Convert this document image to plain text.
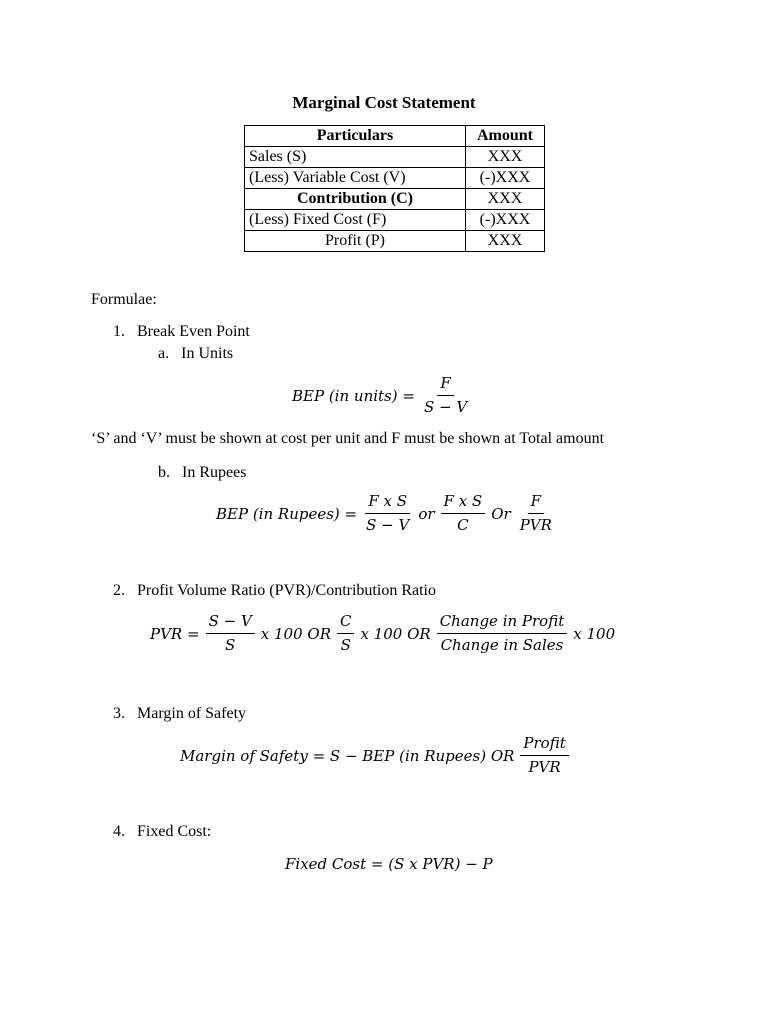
Marginal Cost Statement
Particulars	Amount
Sales (S)	XXX
(Less) Variable Cost (V)	(-)XXX
Contribution (C)	XXX
(Less) Fixed Cost (F)	(-)XXX
Profit (P)	XXX
Formulae:
1. Break Even Point
a. In Units
BEP (in units) = $\frac{F}{S - V}$
‘S’ and ‘V’ must be shown at cost per unit and F must be shown at Total amount
b. In Rupees
BEP (in Rupees) = $\frac{\text{F x S}}{S - V}$ or $\frac{\text{F x S}}{C}$ Or $\frac{F}{\text{PVR}}$
2. Profit Volume Ratio (PVR)/Contribution Ratio
PVR = $\frac{S - V}{S}$ x 100 OR $\frac{C}{S}$ x 100 OR $\frac{\text{Change in Profit}}{\text{Change in Sales}}$ x 100
3. Margin of Safety
Margin of Safety = S − BEP (in Rupees) OR $\frac{\text{Profit}}{\text{PVR}}$
4. Fixed Cost:
Fixed Cost = (S x PVR) − P
